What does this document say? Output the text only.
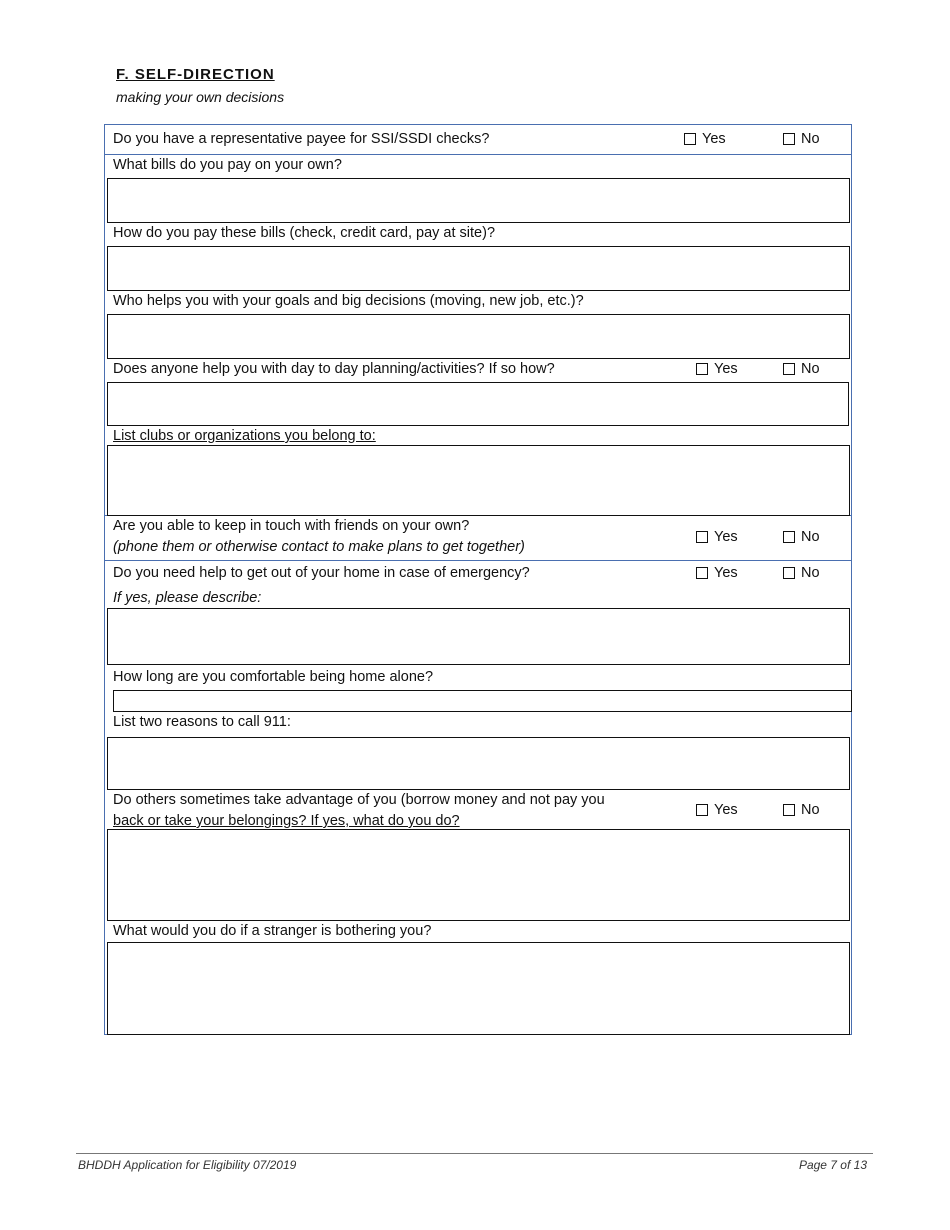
F. SELF-DIRECTION
making your own decisions
Do you have a representative payee for SSI/SSDI checks?	Yes	No
What bills do you pay on your own?
How do you pay these bills (check, credit card, pay at site)?
Who helps you with your goals and big decisions (moving, new job, etc.)?
Does anyone help you with day to day planning/activities? If so how?	Yes	No
List clubs or organizations you belong to:
Are you able to keep in touch with friends on your own?
(phone them or otherwise contact to make plans to get together)
Yes	No
Do you need help to get out of your home in case of emergency?	Yes	No
If yes, please describe:
How long are you comfortable being home alone?
List two reasons to call 911:
Do others sometimes take advantage of you (borrow money and not pay you
back or take your belongings? If yes, what do you do?
Yes	No
What would you do if a stranger is bothering you?
BHDDH Application for Eligibility 07/2019	Page 7 of 13
